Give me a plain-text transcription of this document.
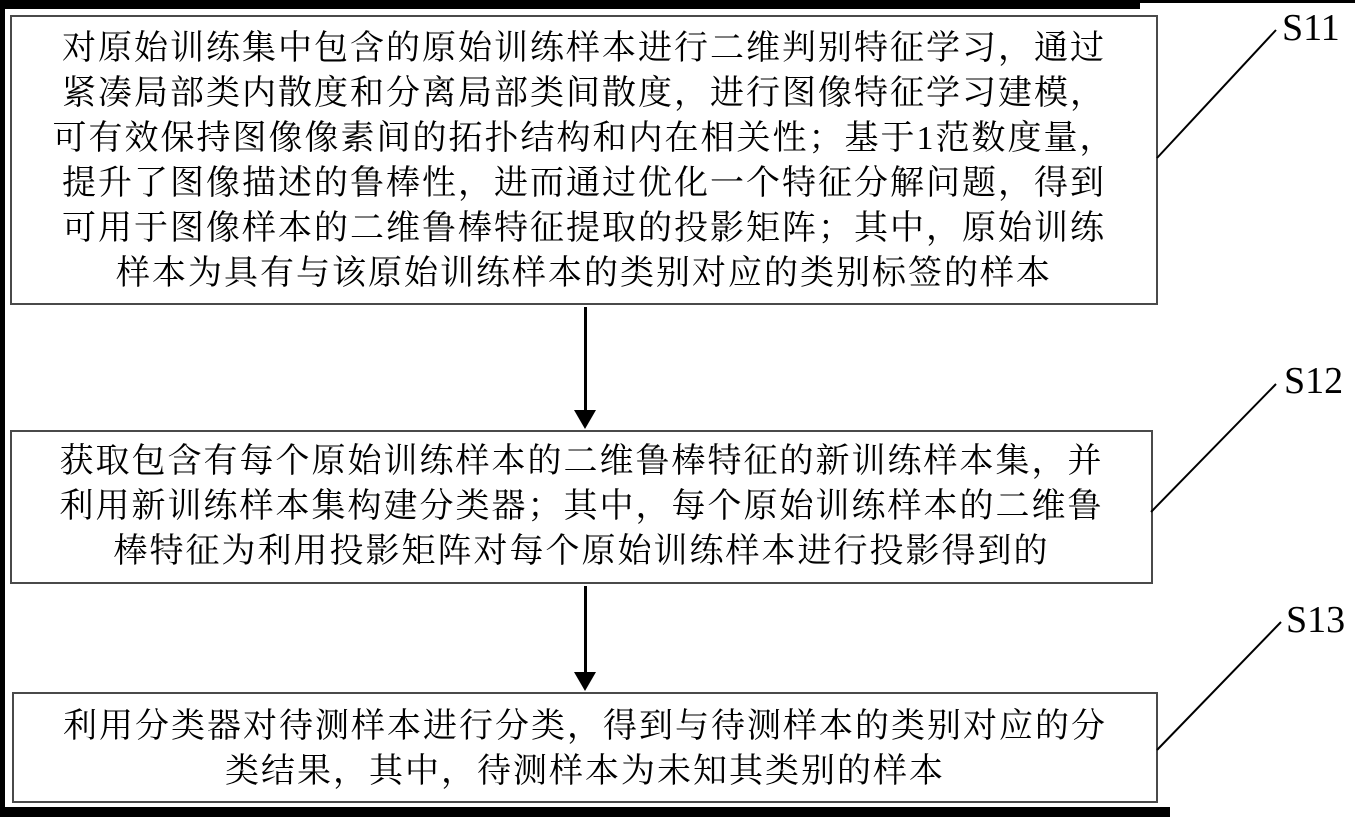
对原始训练集中包含的原始训练样本进行二维判别特征学习，通过
紧凑局部类内散度和分离局部类间散度，进行图像特征学习建模，
可有效保持图像像素间的拓扑结构和内在相关性；基于1范数度量，
提升了图像描述的鲁棒性，进而通过优化一个特征分解问题，得到
可用于图像样本的二维鲁棒特征提取的投影矩阵；其中，原始训练
样本为具有与该原始训练样本的类别对应的类别标签的样本
获取包含有每个原始训练样本的二维鲁棒特征的新训练样本集，并
利用新训练样本集构建分类器；其中，每个原始训练样本的二维鲁
棒特征为利用投影矩阵对每个原始训练样本进行投影得到的
利用分类器对待测样本进行分类，得到与待测样本的类别对应的分
类结果，其中，待测样本为未知其类别的样本
S11
S12
S13
